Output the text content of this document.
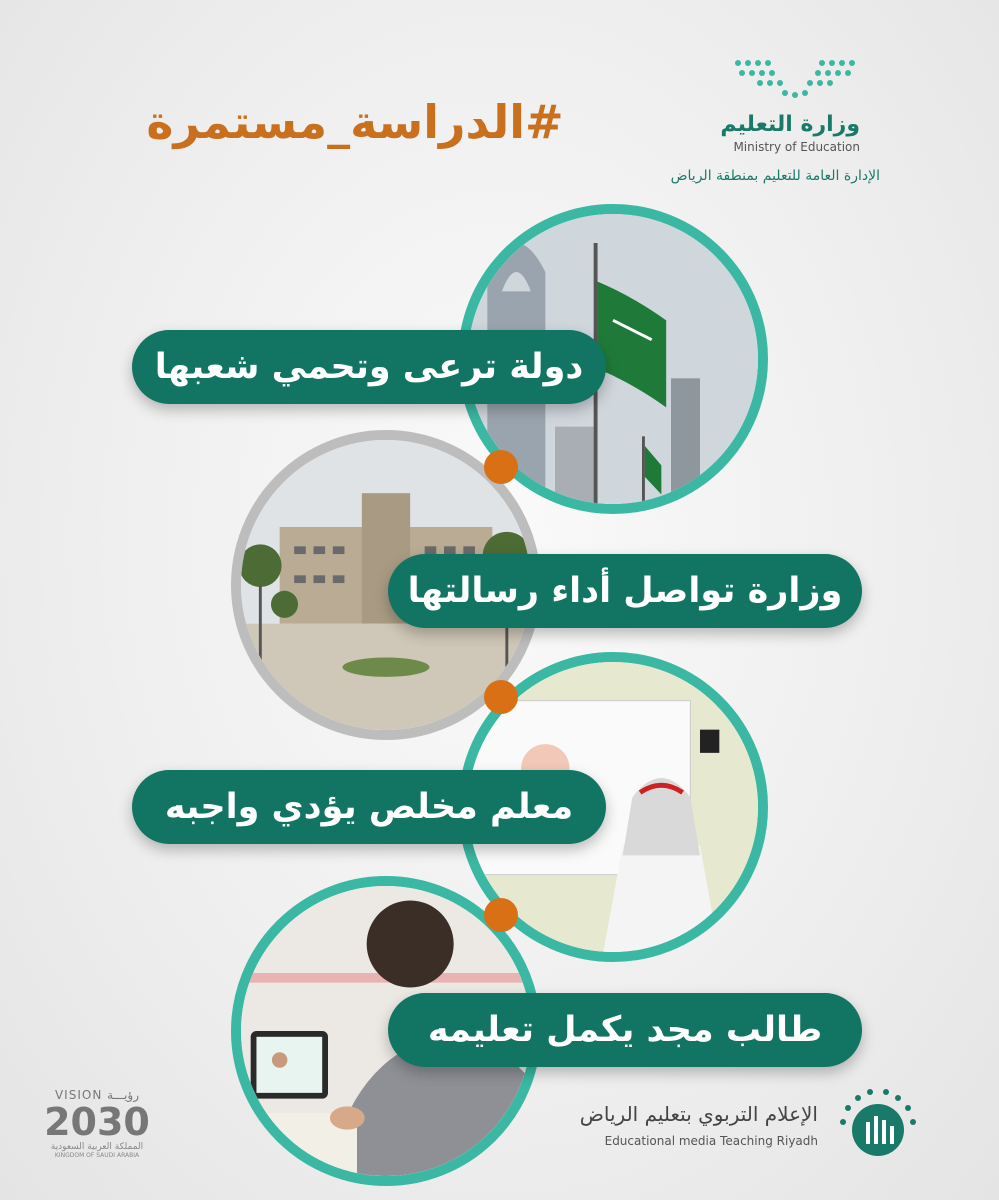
#الدراسة_مستمرة	وزارة التعليم
Ministry of Education
الإدارة العامة للتعليم بمنطقة الرياض
دولة ترعى وتحمي شعبها
وزارة تواصل أداء رسالتها
معلم مخلص يؤدي واجبه
طالب مجد يكمل تعليمه
VISION رؤيـــة
2030
المملكة العربية السعودية
KINGDOM OF SAUDI ARABIA
الإعلام التربوي بتعليم الرياض
Educational media Teaching Riyadh
